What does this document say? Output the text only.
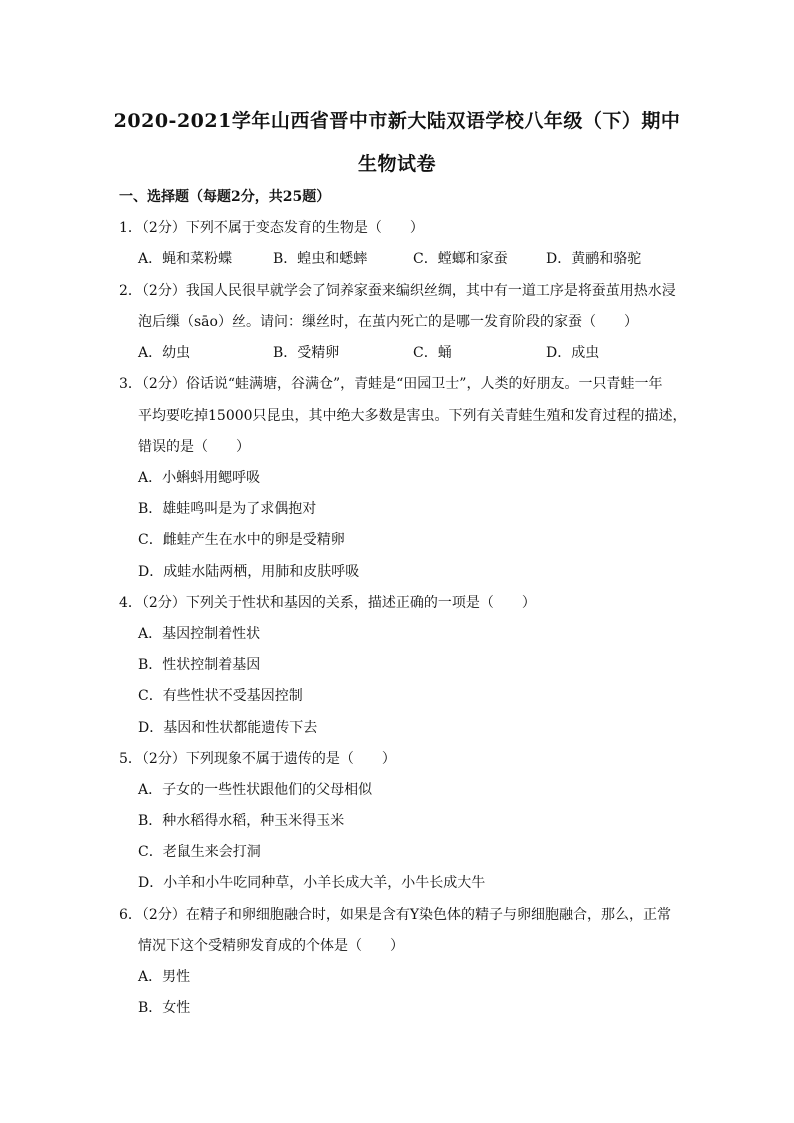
2020-2021学年山西省晋中市新大陆双语学校八年级（下）期中
生物试卷
一、选择题（每题2分，共25题）
1．（2分）下列不属于变态发育的生物是（　　）
A．蝇和菜粉蝶	B．蝗虫和蟋蟀	C．螳螂和家蚕	D．黄鹂和骆驼
2．（2分）我国人民很早就学会了饲养家蚕来编织丝绸，其中有一道工序是将蚕茧用热水浸
泡后缫（sāo）丝。请问：缫丝时，在茧内死亡的是哪一发育阶段的家蚕（　　）
A．幼虫	B．受精卵	C．蛹	D．成虫
3．（2分）俗话说“蛙满塘，谷满仓”，青蛙是“田园卫士”，人类的好朋友。一只青蛙一年
平均要吃掉15000只昆虫，其中绝大多数是害虫。下列有关青蛙生殖和发育过程的描述，
错误的是（　　）
A．小蝌蚪用鳃呼吸
B．雄蛙鸣叫是为了求偶抱对
C．雌蛙产生在水中的卵是受精卵
D．成蛙水陆两栖，用肺和皮肤呼吸
4．（2分）下列关于性状和基因的关系，描述正确的一项是（　　）
A．基因控制着性状
B．性状控制着基因
C．有些性状不受基因控制
D．基因和性状都能遗传下去
5．（2分）下列现象不属于遗传的是（　　）
A．子女的一些性状跟他们的父母相似
B．种水稻得水稻，种玉米得玉米
C．老鼠生来会打洞
D．小羊和小牛吃同种草，小羊长成大羊，小牛长成大牛
6．（2分）在精子和卵细胞融合时，如果是含有Y染色体的精子与卵细胞融合，那么，正常
情况下这个受精卵发育成的个体是（　　）
A．男性
B．女性
